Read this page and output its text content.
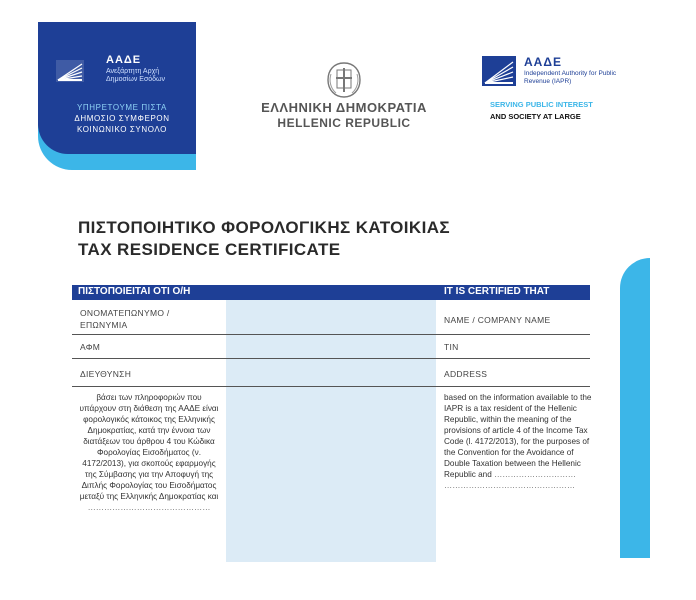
ΑΑΔΕ
Ανεξάρτητη Αρχή Δημοσίων Εσόδων
ΥΠΗΡΕΤΟΥΜΕ ΠΙΣΤΑ
ΔΗΜΟΣΙΟ ΣΥΜΦΕΡΟΝ
ΚΟΙΝΩΝΙΚΟ ΣΥΝΟΛΟ
ΕΛΛΗΝΙΚΗ ΔΗΜΟΚΡΑΤΙΑ
HELLENIC REPUBLIC
ΑΑΔΕ
Independent Authority for Public Revenue (IAPR)
SERVING PUBLIC INTEREST
AND SOCIETY AT LARGE
ΠΙΣΤΟΠΟΙΗΤΙΚΟ ΦΟΡΟΛΟΓΙΚΗΣ ΚΑΤΟΙΚΙΑΣ
TAX RESIDENCE CERTIFICATE
ΠΙΣΤΟΠΟΙΕΙΤΑΙ ΟΤΙ Ο/Η	IT IS CERTIFIED THAT
ΟΝΟΜΑΤΕΠΩΝΥΜΟ /
ΕΠΩΝΥΜΙΑ	NAME / COMPANY NAME
ΑΦΜ	TIN
ΔΙΕΥΘΥΝΣΗ	ADDRESS
βάσει των πληροφοριών που υπάρχουν στη διάθεση της ΑΑΔΕ είναι φορολογικός κάτοικος της Ελληνικής Δημοκρατίας, κατά την έννοια των διατάξεων του άρθρου 4 του Κώδικα Φορολογίας Εισοδήματος (ν. 4172/2013), για σκοπούς εφαρμογής της Σύμβασης για την Αποφυγή της Διπλής Φορολογίας του Εισοδήματος μεταξύ της Ελληνικής Δημοκρατίας και
………………………………………
based on the information available to the IAPR is a tax resident of the Hellenic Republic, within the meaning of the provisions of article 4 of the Income Tax Code (l. 4172/2013), for the purposes of the Convention for the Avoidance of Double Taxation between the Hellenic Republic and …………………………
…………………………………………
